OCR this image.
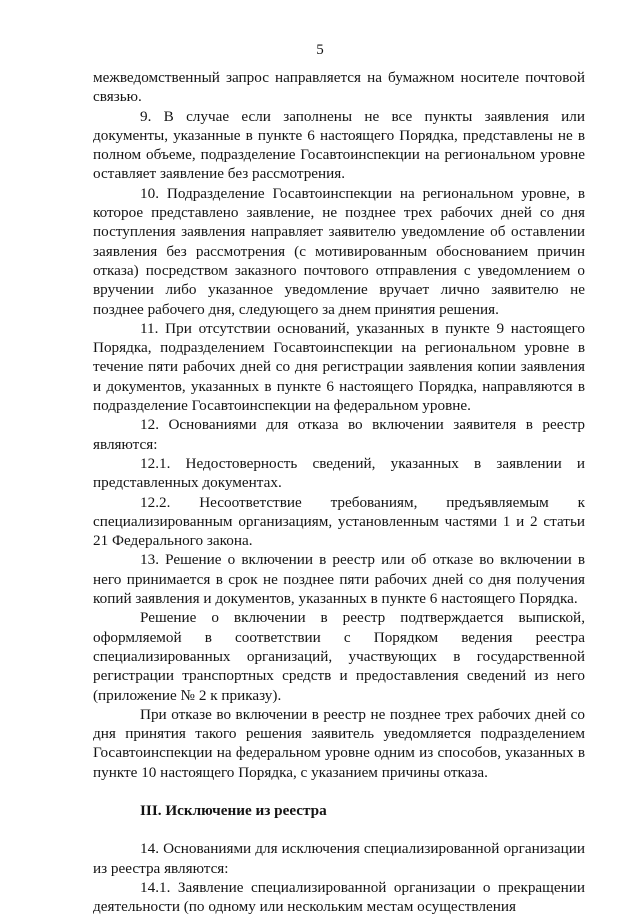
5

межведомственный запрос направляется на бумажном носителе почтовой связью.

9. В случае если заполнены не все пункты заявления или документы, указанные в пункте 6 настоящего Порядка, представлены не в полном объеме, подразделение Госавтоинспекции на региональном уровне оставляет заявление без рассмотрения.

10. Подразделение Госавтоинспекции на региональном уровне, в которое представлено заявление, не позднее трех рабочих дней со дня поступления заявления направляет заявителю уведомление об оставлении заявления без рассмотрения (с мотивированным обоснованием причин отказа) посредством заказного почтового отправления с уведомлением о вручении либо указанное уведомление вручает лично заявителю не позднее рабочего дня, следующего за днем принятия решения.

11. При отсутствии оснований, указанных в пункте 9 настоящего Порядка, подразделением Госавтоинспекции на региональном уровне в течение пяти рабочих дней со дня регистрации заявления копии заявления и документов, указанных в пункте 6 настоящего Порядка, направляются в подразделение Госавтоинспекции на федеральном уровне.

12. Основаниями для отказа во включении заявителя в реестр являются:

12.1. Недостоверность сведений, указанных в заявлении и представленных документах.

12.2. Несоответствие требованиям, предъявляемым к специализированным организациям, установленным частями 1 и 2 статьи 21 Федерального закона.

13. Решение о включении в реестр или об отказе во включении в него принимается в срок не позднее пяти рабочих дней со дня получения копий заявления и документов, указанных в пункте 6 настоящего Порядка.

Решение о включении в реестр подтверждается выпиской, оформляемой в соответствии с Порядком ведения реестра специализированных организаций, участвующих в государственной регистрации транспортных средств и предоставления сведений из него (приложение № 2 к приказу).

При отказе во включении в реестр не позднее трех рабочих дней со дня принятия такого решения заявитель уведомляется подразделением Госавтоинспекции на федеральном уровне одним из способов, указанных в пункте 10 настоящего Порядка, с указанием причины отказа.

III. Исключение из реестра

14. Основаниями для исключения специализированной организации из реестра являются:

14.1. Заявление специализированной организации о прекращении деятельности (по одному или нескольким местам осуществления
